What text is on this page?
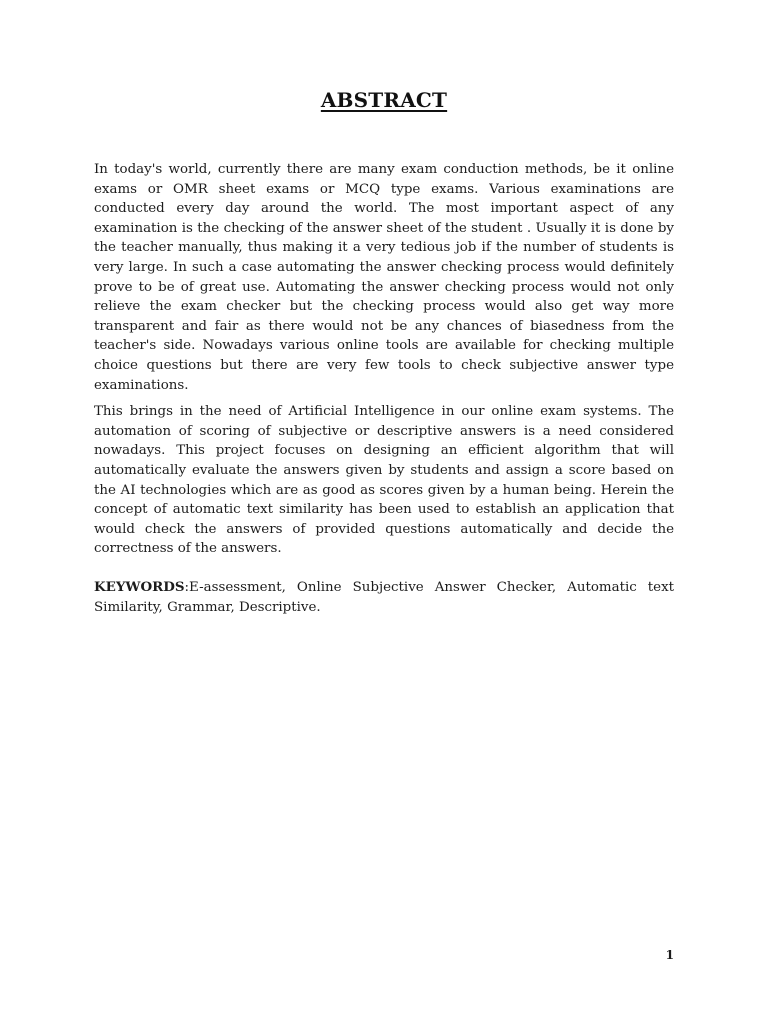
ABSTRACT

In today's world, currently there are many exam conduction methods, be it online exams or OMR sheet exams or MCQ type exams. Various examinations are conducted every day around the world. The most important aspect of any examination is the checking of the answer sheet of the student . Usually it is done by the teacher manually, thus making it a very tedious job if the number of students is very large. In such a case automating the answer checking process would definitely prove to be of great use. Automating the answer checking process would not only relieve the exam checker but the checking process would also get way more transparent and fair as there would not be any chances of biasedness from the teacher's side. Nowadays various online tools are available for checking multiple choice questions but there are very few tools to check subjective answer type examinations.

This brings in the need of Artificial Intelligence in our online exam systems. The automation of scoring of subjective or descriptive answers is a need considered nowadays. This project focuses on designing an efficient algorithm that will automatically evaluate the answers given by students and assign a score based on the AI technologies which are as good as scores given by a human being. Herein the concept of automatic text similarity has been used to establish an application that would check the answers of provided questions automatically and decide the correctness of the answers.

KEYWORDS:E-assessment, Online Subjective Answer Checker, Automatic text Similarity, Grammar, Descriptive.

1
